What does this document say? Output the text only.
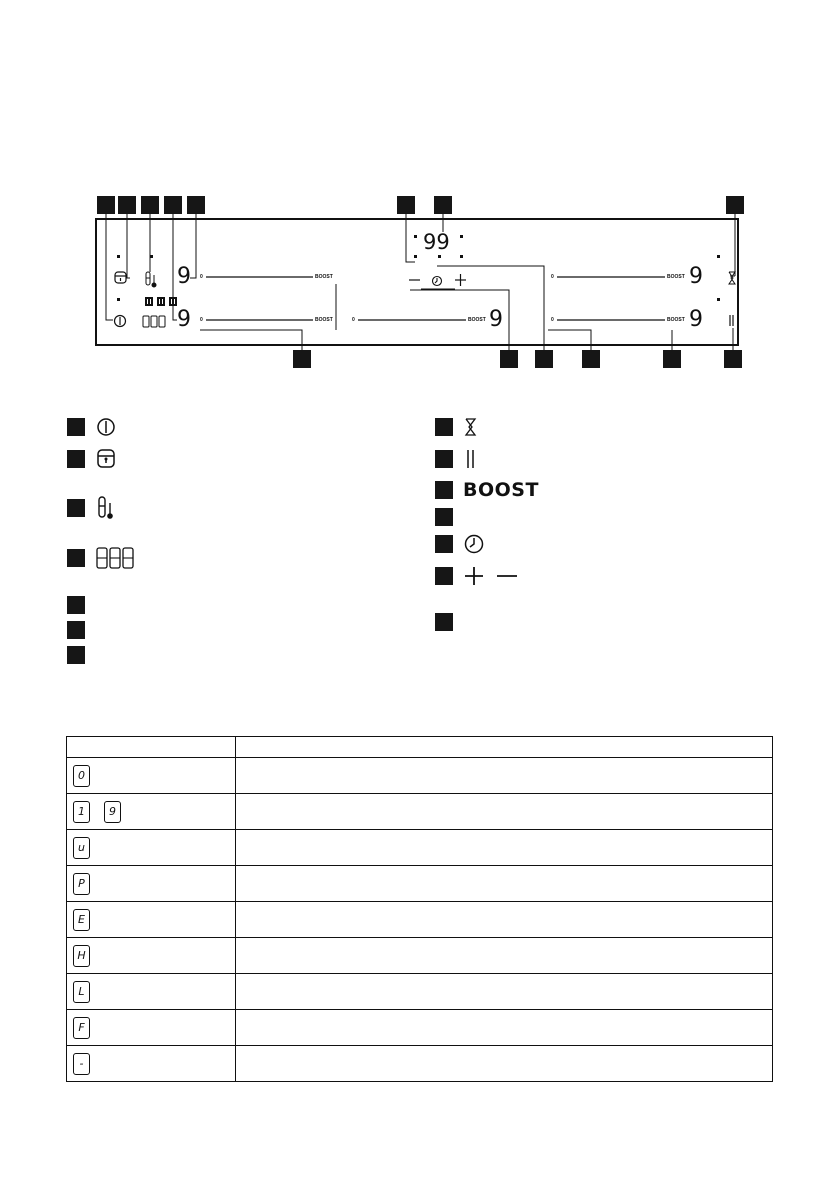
99
0	BOOST
9
0	BOOST
9	0	BOOST 9
0	BOOST 9
0	BOOST 9
BOOST

0	
1 9	
u	
P	
E	
H	
L	
F	
-	
